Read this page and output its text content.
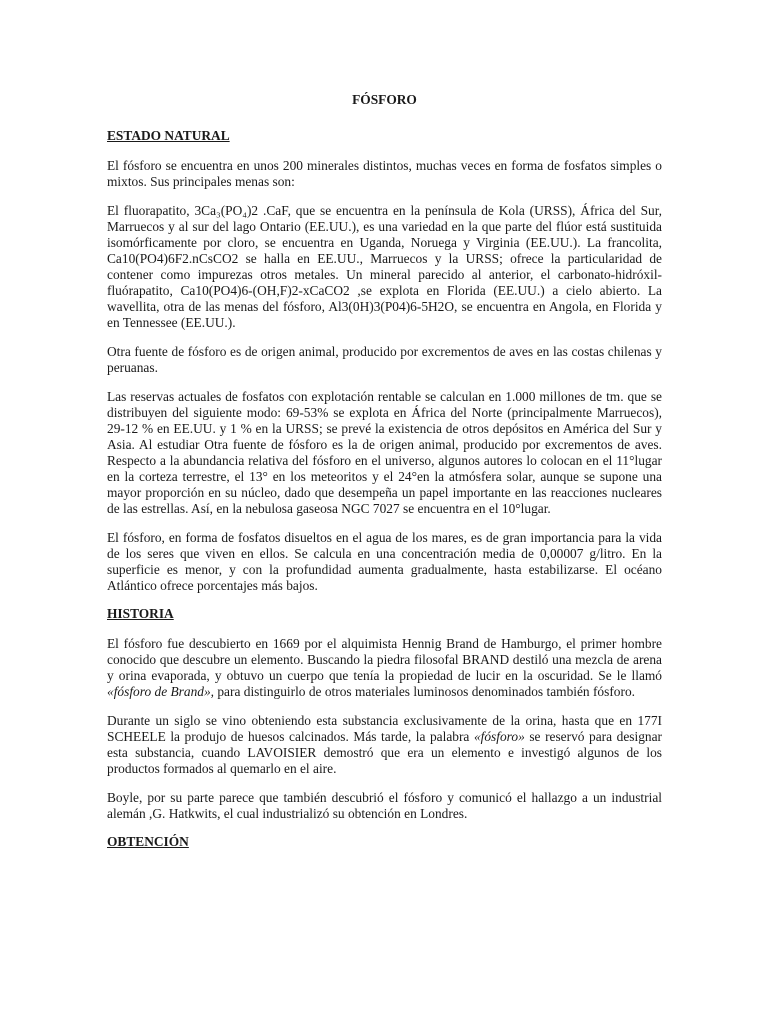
FÓSFORO
ESTADO NATURAL

El fósforo se encuentra en unos 200 minerales distintos, muchas veces en forma de fosfatos simples o mixtos. Sus principales menas son:

El fluorapatito, 3Ca₃(PO₄)2 .CaF, que se encuentra en la península de Kola (URSS), África del Sur, Marruecos y al sur del lago Ontario (EE.UU.), es una variedad en la que parte del flúor está sustituida isomórficamente por cloro, se encuentra en Uganda, Noruega y Virginia (EE.UU.). La francolita, Ca10(PO4)6F2.nCsCO2 se halla en EE.UU., Marruecos y la URSS; ofrece la particularidad de contener como impurezas otros metales. Un mineral parecido al anterior, el carbonato-hidróxil-fluórapatito, Ca10(PO4)6-(OH,F)2-xCaCO2 ,se explota en Florida (EE.UU.) a cielo abierto. La wavellita, otra de las menas del fósforo, Al3(0H)3(P04)6-5H2O, se encuentra en Angola, en Florida y en Tennessee (EE.UU.).

Otra fuente de fósforo es de origen animal, producido por excrementos de aves en las costas chilenas y peruanas.

Las reservas actuales de fosfatos con explotación rentable se calculan en 1.000 millones de tm. que se distribuyen del siguiente modo: 69-53% se explota en África del Norte (principalmente Marruecos), 29-12 % en EE.UU. y 1 % en la URSS; se prevé la existencia de otros depósitos en América del Sur y Asia. Al estudiar Otra fuente de fósforo es la de origen animal, producido por excrementos de aves. Respecto a la abundancia relativa del fósforo en el universo, algunos autores lo colocan en el 11°lugar en la corteza terrestre, el 13° en los meteoritos y el 24°en la atmósfera solar, aunque se supone una mayor proporción en su núcleo, dado que desempeña un papel importante en las reacciones nucleares de las estrellas. Así, en la nebulosa gaseosa NGC 7027 se encuentra en el 10°lugar.

El fósforo, en forma de fosfatos disueltos en el agua de los mares, es de gran importancia para la vida de los seres que viven en ellos. Se calcula en una concentración media de 0,00007 g/litro. En la superficie es menor, y con la profundidad aumenta gradualmente, hasta estabilizarse. El océano Atlántico ofrece porcentajes más bajos.

HISTORIA

El fósforo fue descubierto en 1669 por el alquimista Hennig Brand de Hamburgo, el primer hombre conocido que descubre un elemento. Buscando la piedra filosofal BRAND destiló una mezcla de arena y orina evaporada, y obtuvo un cuerpo que tenía la propiedad de lucir en la oscuridad. Se le llamó «fósforo de Brand», para distinguirlo de otros materiales luminosos denominados también fósforo.

Durante un siglo se vino obteniendo esta substancia exclusivamente de la orina, hasta que en 177I SCHEELE la produjo de huesos calcinados. Más tarde, la palabra «fósforo» se reservó para designar esta substancia, cuando LAVOISIER demostró que era un elemento e investigó algunos de los productos formados al quemarlo en el aire.

Boyle, por su parte parece que también descubrió el fósforo y comunicó el hallazgo a un industrial alemán ,G. Hatkwits, el cual industrializó su obtención en Londres.

OBTENCIÓN
